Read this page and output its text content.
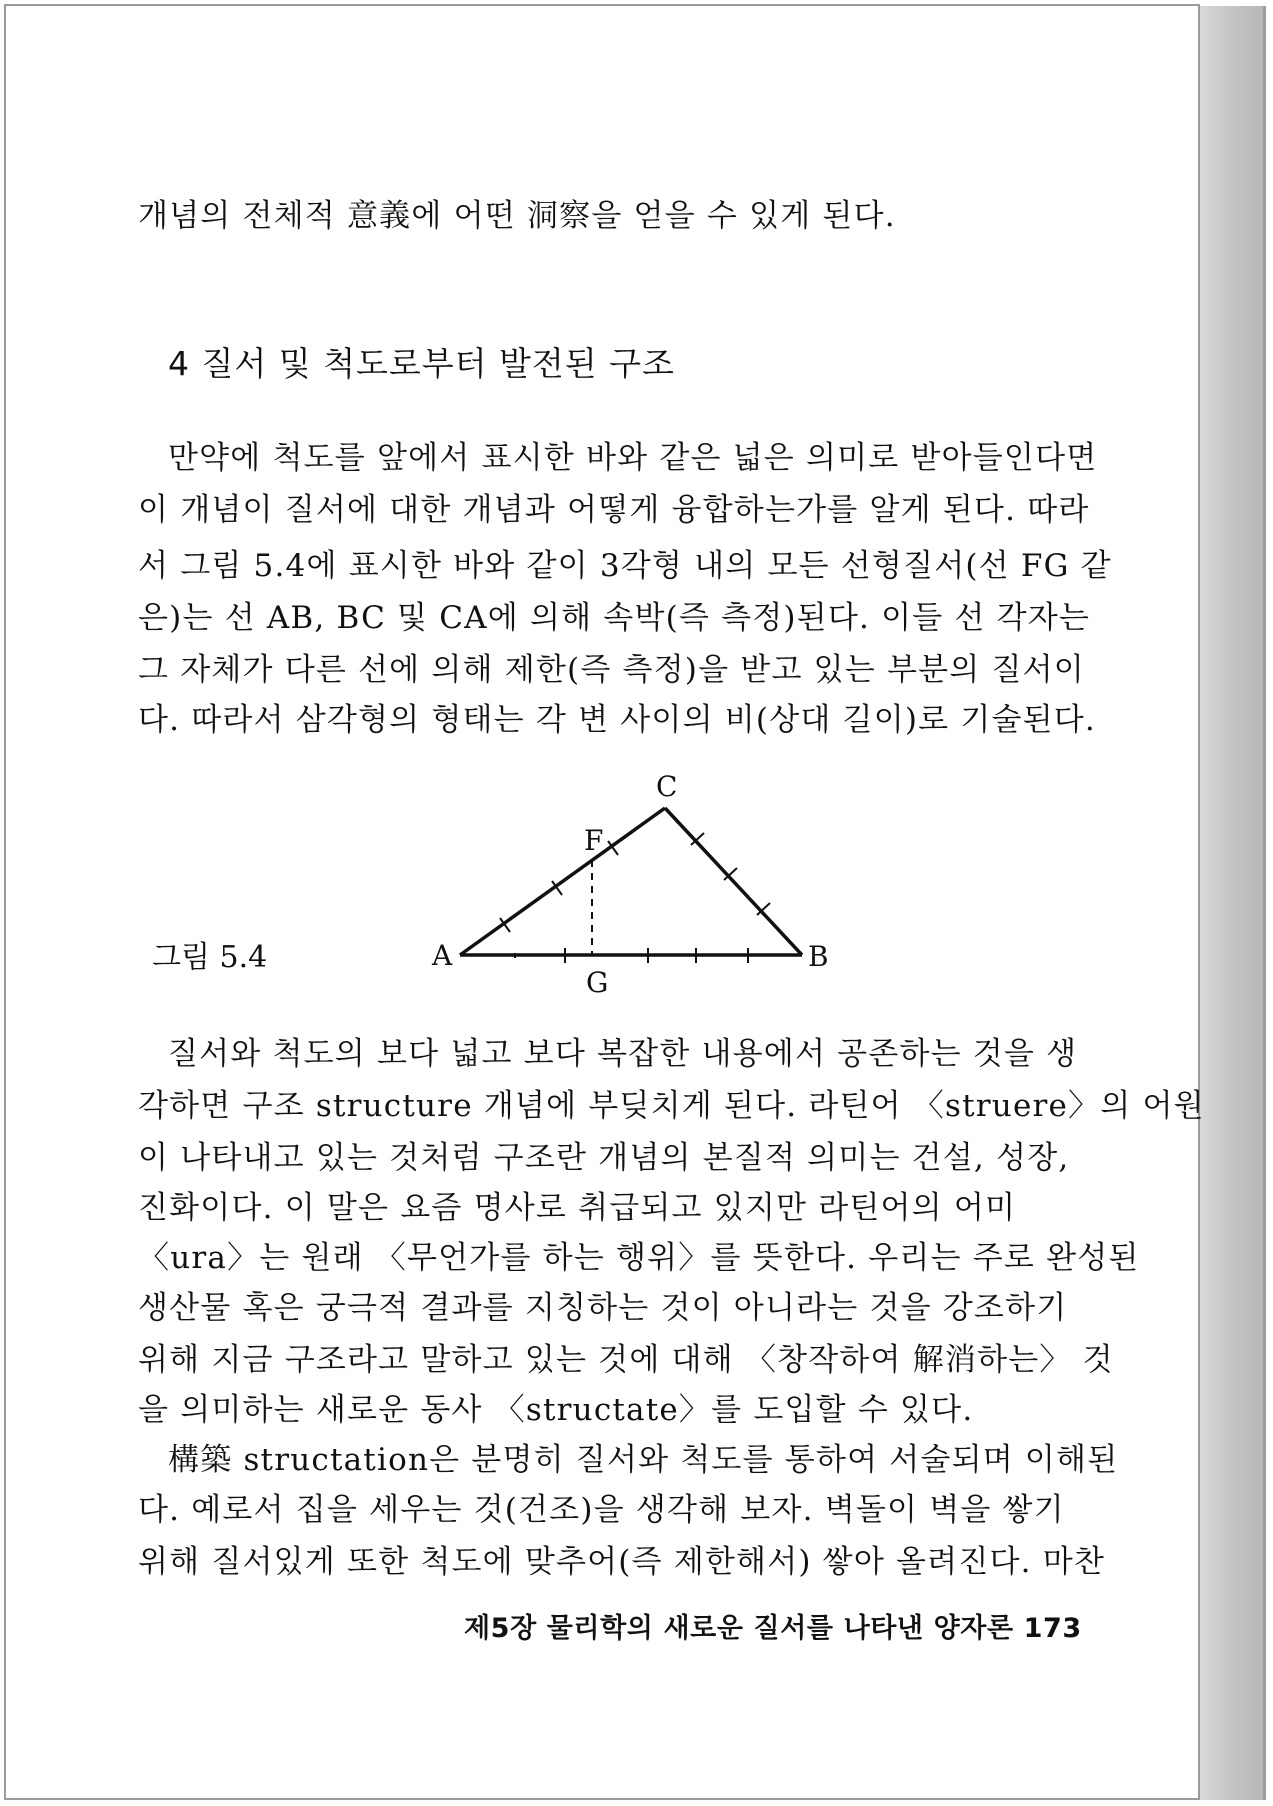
개념의 전체적 意義에 어떤 洞察을 얻을 수 있게 된다.
4 질서 및 척도로부터 발전된 구조
만약에 척도를 앞에서 표시한 바와 같은 넓은 의미로 받아들인다면
이 개념이 질서에 대한 개념과 어떻게 융합하는가를 알게 된다. 따라
서 그림 5.4에 표시한 바와 같이 3각형 내의 모든 선형질서(선 FG 같
은)는 선 AB, BC 및 CA에 의해 속박(즉 측정)된다. 이들 선 각자는
그 자체가 다른 선에 의해 제한(즉 측정)을 받고 있는 부분의 질서이
다. 따라서 삼각형의 형태는 각 변 사이의 비(상대 길이)로 기술된다.
그림 5.4	A	B
C
F
G
질서와 척도의 보다 넓고 보다 복잡한 내용에서 공존하는 것을 생
각하면 구조 structure 개념에 부딪치게 된다. 라틴어 〈struere〉의 어원
이 나타내고 있는 것처럼 구조란 개념의 본질적 의미는 건설, 성장,
진화이다. 이 말은 요즘 명사로 취급되고 있지만 라틴어의 어미
〈ura〉는 원래 〈무언가를 하는 행위〉를 뜻한다. 우리는 주로 완성된
생산물 혹은 궁극적 결과를 지칭하는 것이 아니라는 것을 강조하기
위해 지금 구조라고 말하고 있는 것에 대해 〈창작하여 解消하는〉 것
을 의미하는 새로운 동사 〈structate〉를 도입할 수 있다.
構築 structation은 분명히 질서와 척도를 통하여 서술되며 이해된
다. 예로서 집을 세우는 것(건조)을 생각해 보자. 벽돌이 벽을 쌓기
위해 질서있게 또한 척도에 맞추어(즉 제한해서) 쌓아 올려진다. 마찬
제5장 물리학의 새로운 질서를 나타낸 양자론 173
